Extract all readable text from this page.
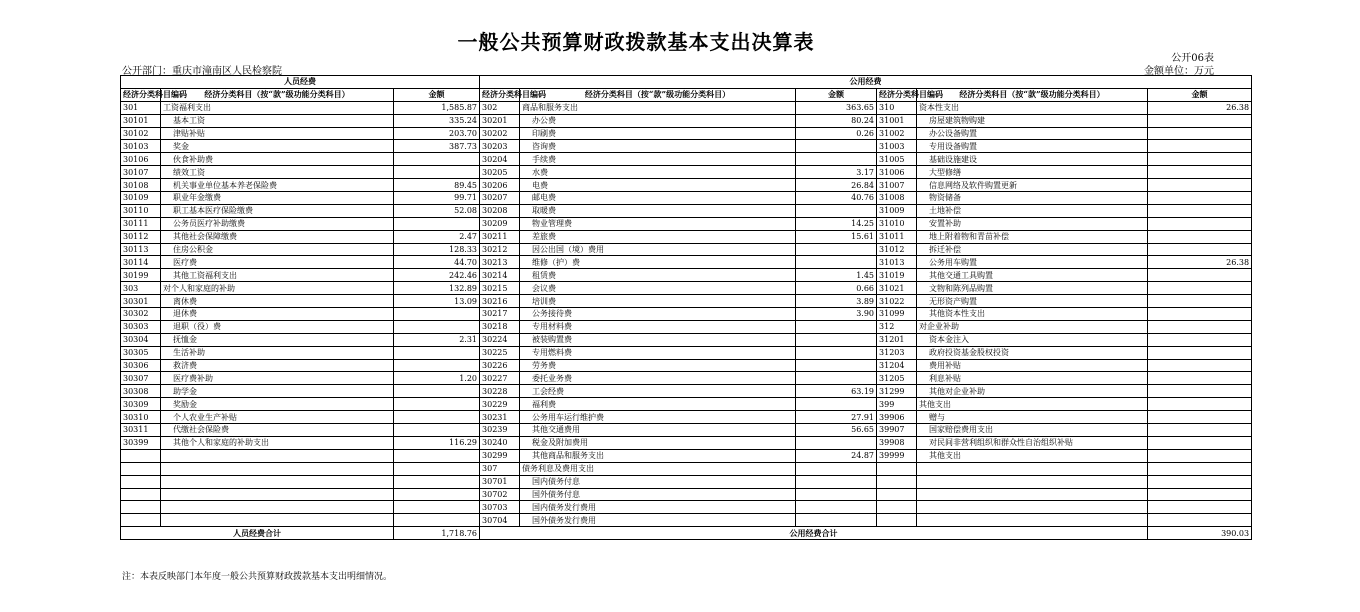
一般公共预算财政拨款基本支出决算表
公开06表
公开部门：重庆市潼南区人民检察院	金额单位：万元
人员经费			公用经费					
经济分类科目编码	经济分类科目（按“款”级功能分类科目）	金额	经济分类科目编码	经济分类科目（按“款”级功能分类科目）	金额	经济分类科目编码	经济分类科目（按“款”级功能分类科目）	金额
301	工资福利支出	1,585.87	302	商品和服务支出	363.65	310	资本性支出	26.38
30101	基本工资	335.24	30201	办公费	80.24	31001	房屋建筑物购建	
30102	津贴补贴	203.70	30202	印刷费	0.26	31002	办公设备购置	
30103	奖金	387.73	30203	咨询费		31003	专用设备购置	
30106	伙食补助费		30204	手续费		31005	基础设施建设	
30107	绩效工资		30205	水费	3.17	31006	大型修缮	
30108	机关事业单位基本养老保险费	89.45	30206	电费	26.84	31007	信息网络及软件购置更新	
30109	职业年金缴费	99.71	30207	邮电费	40.76	31008	物资储备	
30110	职工基本医疗保险缴费	52.08	30208	取暖费		31009	土地补偿	
30111	公务员医疗补助缴费		30209	物业管理费	14.25	31010	安置补助	
30112	其他社会保障缴费	2.47	30211	差旅费	15.61	31011	地上附着物和青苗补偿	
30113	住房公积金	128.33	30212	因公出国（境）费用		31012	拆迁补偿	
30114	医疗费	44.70	30213	维修（护）费		31013	公务用车购置	26.38
30199	其他工资福利支出	242.46	30214	租赁费	1.45	31019	其他交通工具购置	
303	对个人和家庭的补助	132.89	30215	会议费	0.66	31021	文物和陈列品购置	
30301	离休费	13.09	30216	培训费	3.89	31022	无形资产购置	
30302	退休费		30217	公务接待费	3.90	31099	其他资本性支出	
30303	退职（役）费		30218	专用材料费		312	对企业补助	
30304	抚恤金	2.31	30224	被装购置费		31201	资本金注入	
30305	生活补助		30225	专用燃料费		31203	政府投资基金股权投资	
30306	救济费		30226	劳务费		31204	费用补贴	
30307	医疗费补助	1.20	30227	委托业务费		31205	利息补贴	
30308	助学金		30228	工会经费	63.19	31299	其他对企业补助	
30309	奖励金		30229	福利费		399	其他支出	
30310	个人农业生产补贴		30231	公务用车运行维护费	27.91	39906	赠与	
30311	代缴社会保险费		30239	其他交通费用	56.65	39907	国家赔偿费用支出	
30399	其他个人和家庭的补助支出	116.29	30240	税金及附加费用		39908	对民间非营利组织和群众性自治组织补贴	
			30299	其他商品和服务支出	24.87	39999	其他支出	
			307	债务利息及费用支出				
			30701	国内债务付息				
			30702	国外债务付息				
			30703	国内债务发行费用				
			30704	国外债务发行费用				
人员经费合计		1,718.76	公用经费合计					390.03
注：本表反映部门本年度一般公共预算财政拨款基本支出明细情况。
